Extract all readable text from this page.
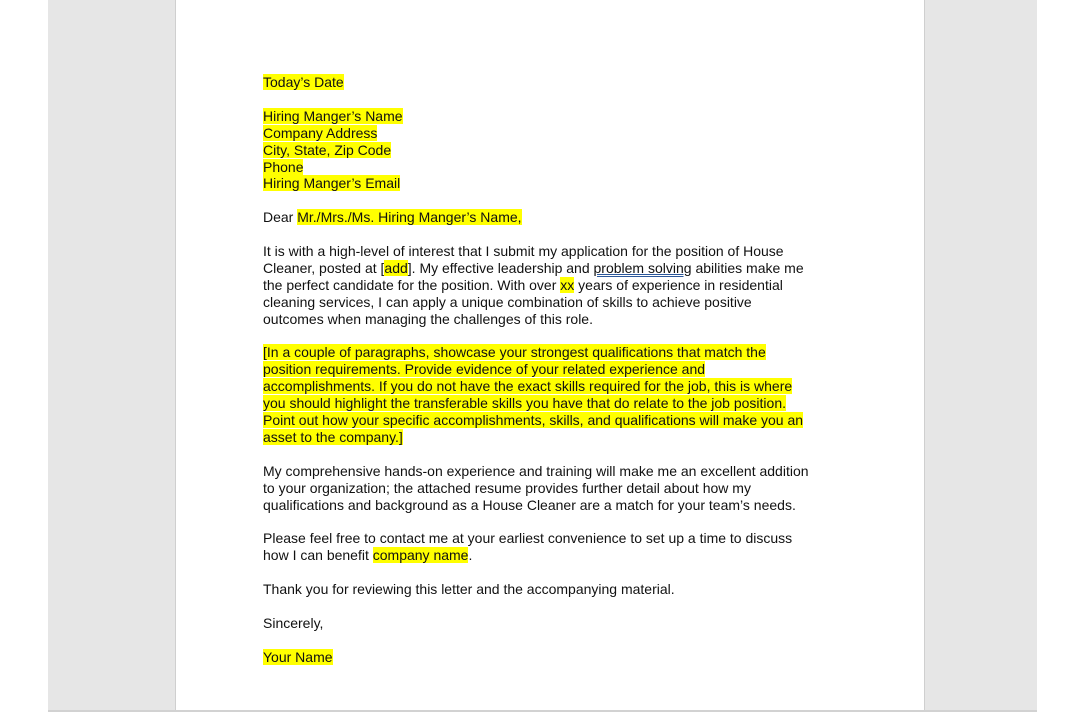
Today’s Date
Hiring Manger’s Name
Company Address
City, State, Zip Code
Phone
Hiring Manger’s Email
Dear Mr./Mrs./Ms. Hiring Manger’s Name,
It is with a high-level of interest that I submit my application for the position of House
Cleaner, posted at [add]. My effective leadership and problem solving abilities make me
the perfect candidate for the position. With over xx years of experience in residential
cleaning services, I can apply a unique combination of skills to achieve positive
outcomes when managing the challenges of this role.
[In a couple of paragraphs, showcase your strongest qualifications that match the
position requirements. Provide evidence of your related experience and
accomplishments. If you do not have the exact skills required for the job, this is where
you should highlight the transferable skills you have that do relate to the job position.
Point out how your specific accomplishments, skills, and qualifications will make you an
asset to the company.]
My comprehensive hands-on experience and training will make me an excellent addition
to your organization; the attached resume provides further detail about how my
qualifications and background as a House Cleaner are a match for your team’s needs.
Please feel free to contact me at your earliest convenience to set up a time to discuss
how I can benefit company name.
Thank you for reviewing this letter and the accompanying material.
Sincerely,
Your Name
